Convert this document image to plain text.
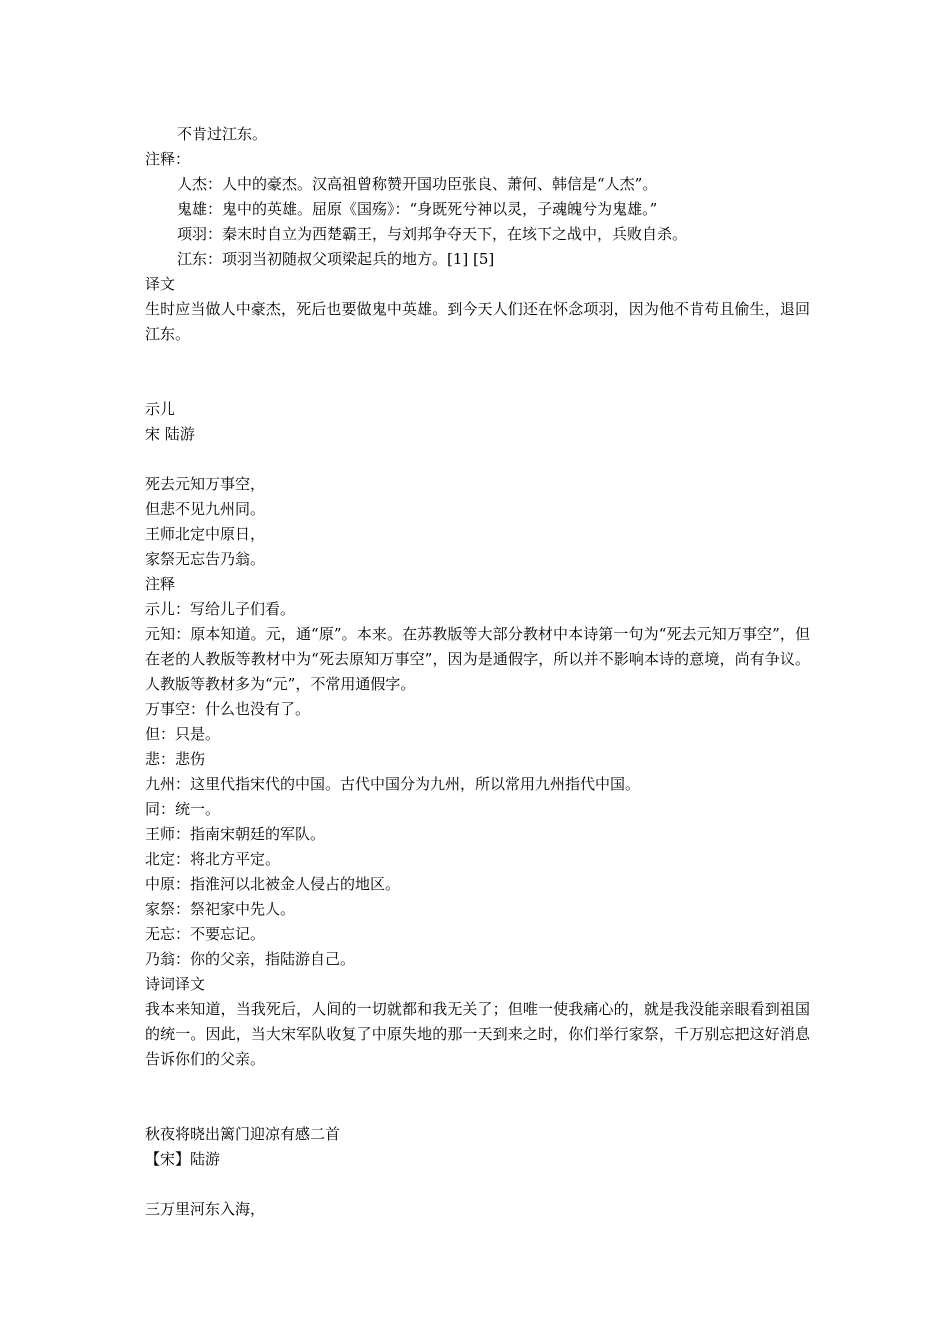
不肯过江东。
注释：
人杰：人中的豪杰。汉高祖曾称赞开国功臣张良、萧何、韩信是“人杰”。
鬼雄：鬼中的英雄。屈原《国殇》：“身既死兮神以灵，子魂魄兮为鬼雄。”
项羽：秦末时自立为西楚霸王，与刘邦争夺天下，在垓下之战中，兵败自杀。
江东：项羽当初随叔父项梁起兵的地方。[1] [5]
译文
生时应当做人中豪杰，死后也要做鬼中英雄。到今天人们还在怀念项羽，因为他不肯苟且偷生，退回江东。
示儿
宋 陆游
死去元知万事空，
但悲不见九州同。
王师北定中原日，
家祭无忘告乃翁。
注释
示儿：写给儿子们看。
元知：原本知道。元，通“原”。本来。在苏教版等大部分教材中本诗第一句为“死去元知万事空”，但在老的人教版等教材中为“死去原知万事空”，因为是通假字，所以并不影响本诗的意境，尚有争议。人教版等教材多为“元”，不常用通假字。
万事空：什么也没有了。
但：只是。
悲：悲伤
九州：这里代指宋代的中国。古代中国分为九州，所以常用九州指代中国。
同：统一。
王师：指南宋朝廷的军队。
北定：将北方平定。
中原：指淮河以北被金人侵占的地区。
家祭：祭祀家中先人。
无忘：不要忘记。
乃翁：你的父亲，指陆游自己。
诗词译文
我本来知道，当我死后，人间的一切就都和我无关了；但唯一使我痛心的，就是我没能亲眼看到祖国的统一。因此，当大宋军队收复了中原失地的那一天到来之时，你们举行家祭，千万别忘把这好消息告诉你们的父亲。
秋夜将晓出篱门迎凉有感二首
【宋】陆游
三万里河东入海，
